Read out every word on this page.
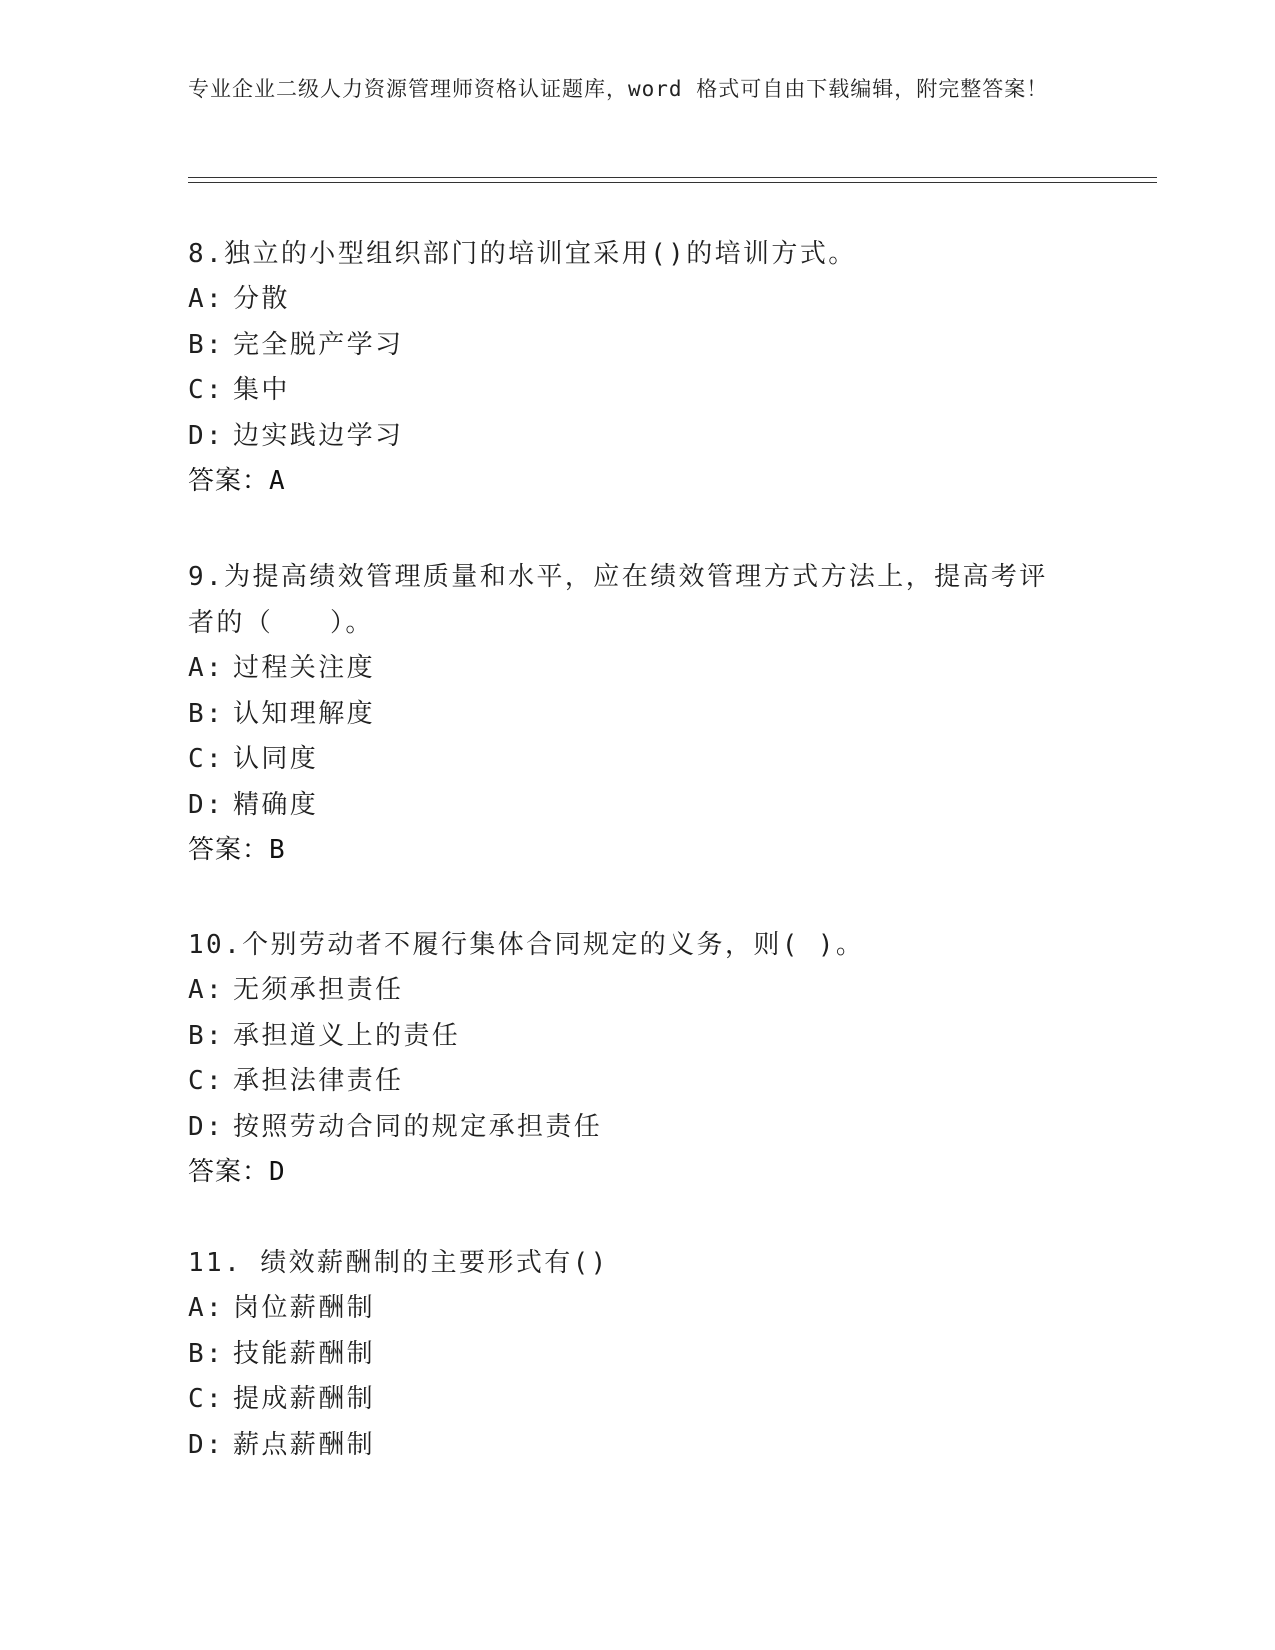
专业企业二级人力资源管理师资格认证题库，word 格式可自由下载编辑，附完整答案！

8.独立的小型组织部门的培训宜采用()的培训方式。

A: 分散
B: 完全脱产学习
C: 集中
D: 边实践边学习
答案：A

9.为提高绩效管理质量和水平，应在绩效管理方式方法上，提高考评者的（　　）。

A: 过程关注度
B: 认知理解度
C: 认同度
D: 精确度
答案：B

10.个别劳动者不履行集体合同规定的义务，则( )。

A: 无须承担责任
B: 承担道义上的责任
C: 承担法律责任
D: 按照劳动合同的规定承担责任
答案：D

11. 绩效薪酬制的主要形式有()

A: 岗位薪酬制
B: 技能薪酬制
C: 提成薪酬制
D: 薪点薪酬制
